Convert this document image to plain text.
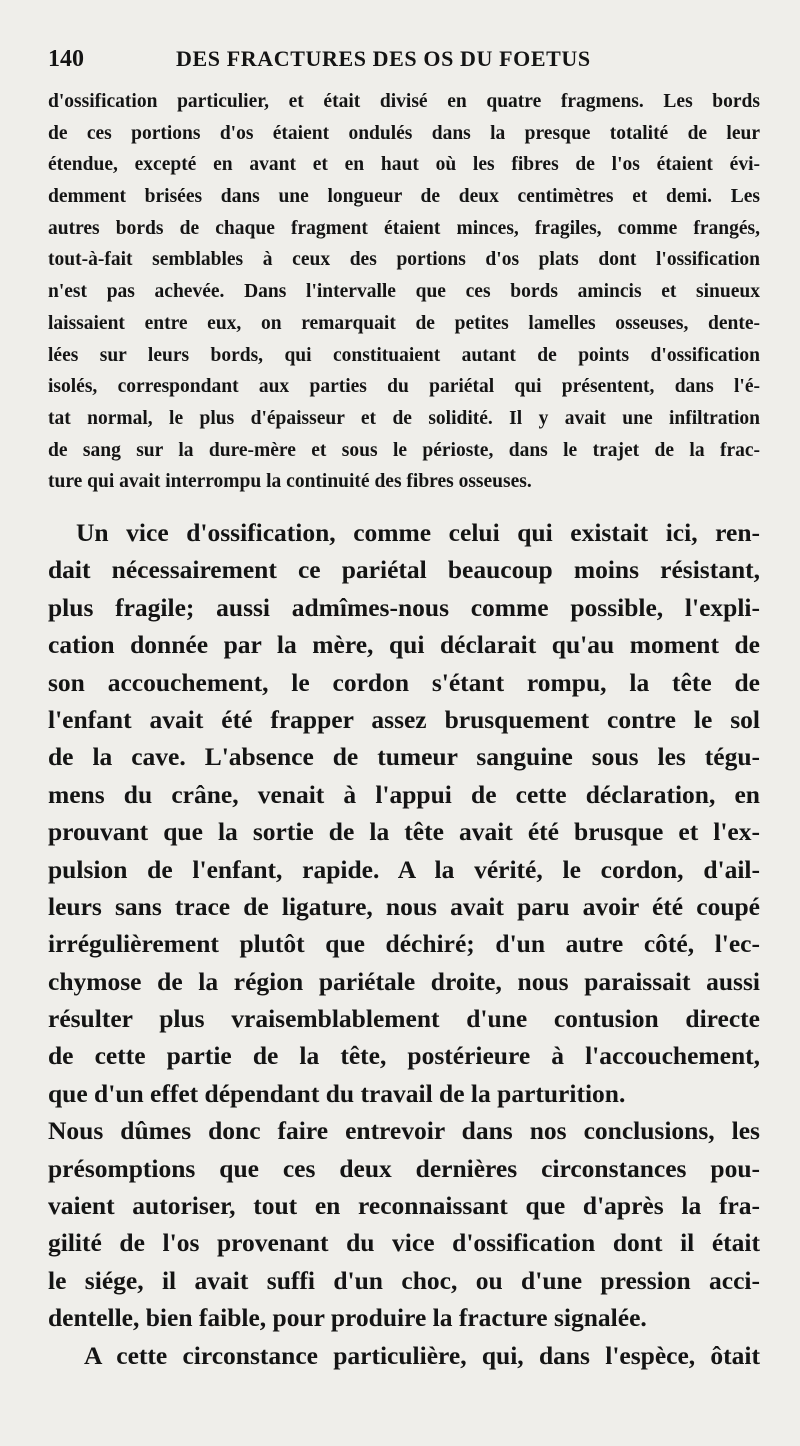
140	DES FRACTURES DES OS DU FOETUS
d'ossification particulier, et était divisé en quatre fragmens. Les bords
de ces portions d'os étaient ondulés dans la presque totalité de leur
étendue, excepté en avant et en haut où les fibres de l'os étaient évi-
demment brisées dans une longueur de deux centimètres et demi. Les
autres bords de chaque fragment étaient minces, fragiles, comme frangés,
tout-à-fait semblables à ceux des portions d'os plats dont l'ossification
n'est pas achevée. Dans l'intervalle que ces bords amincis et sinueux
laissaient entre eux, on remarquait de petites lamelles osseuses, dente-
lées sur leurs bords, qui constituaient autant de points d'ossification
isolés, correspondant aux parties du pariétal qui présentent, dans l'é-
tat normal, le plus d'épaisseur et de solidité. Il y avait une infiltration
de sang sur la dure-mère et sous le périoste, dans le trajet de la frac-
ture qui avait interrompu la continuité des fibres osseuses.
Un vice d'ossification, comme celui qui existait ici, ren-
dait nécessairement ce pariétal beaucoup moins résistant,
plus fragile; aussi admîmes-nous comme possible, l'expli-
cation donnée par la mère, qui déclarait qu'au moment de
son accouchement, le cordon s'étant rompu, la tête de
l'enfant avait été frapper assez brusquement contre le sol
de la cave. L'absence de tumeur sanguine sous les tégu-
mens du crâne, venait à l'appui de cette déclaration, en
prouvant que la sortie de la tête avait été brusque et l'ex-
pulsion de l'enfant, rapide. A la vérité, le cordon, d'ail-
leurs sans trace de ligature, nous avait paru avoir été coupé
irrégulièrement plutôt que déchiré; d'un autre côté, l'ec-
chymose de la région pariétale droite, nous paraissait aussi
résulter plus vraisemblablement d'une contusion directe
de cette partie de la tête, postérieure à l'accouchement,
que d'un effet dépendant du travail de la parturition.
Nous dûmes donc faire entrevoir dans nos conclusions, les
présomptions que ces deux dernières circonstances pou-
vaient autoriser, tout en reconnaissant que d'après la fra-
gilité de l'os provenant du vice d'ossification dont il était
le siége, il avait suffi d'un choc, ou d'une pression acci-
dentelle, bien faible, pour produire la fracture signalée.
A cette circonstance particulière, qui, dans l'espèce, ôtait
